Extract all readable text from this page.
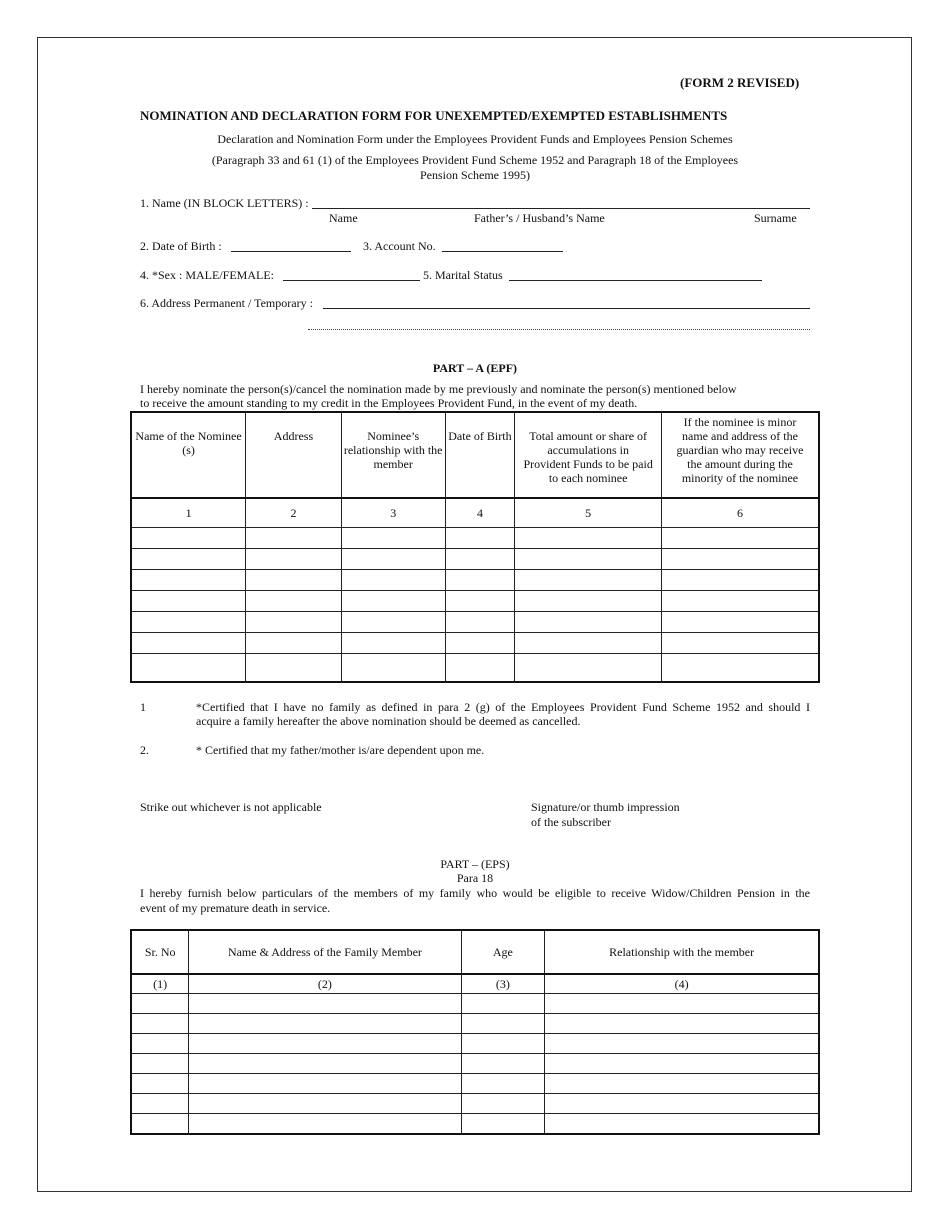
(FORM 2 REVISED)
NOMINATION AND DECLARATION FORM FOR UNEXEMPTED/EXEMPTED ESTABLISHMENTS
Declaration and Nomination Form under the Employees Provident Funds and Employees Pension Schemes
(Paragraph 33 and 61 (1) of the Employees Provident Fund Scheme 1952 and Paragraph 18 of the Employees
Pension Scheme 1995)
1. Name (IN BLOCK LETTERS) :
Name	Father’s / Husband’s Name	Surname
2. Date of Birth :	3. Account No.
4. *Sex : MALE/FEMALE:	5. Marital Status
6. Address Permanent / Temporary :
PART – A (EPF)
I hereby nominate the person(s)/cancel the nomination made by me previously and nominate the person(s) mentioned below
to receive the amount standing to my credit in the Employees Provident Fund, in the event of my death.
Name of the Nominee (s)	Address	Nominee’s relationship with the member	Date of Birth	Total amount or share of accumulations in Provident Funds to be paid to each nominee	If the nominee is minor name and address of the guardian who may receive the amount during the minority of the nominee
1	2	3	4	5	6

1	*Certified that I have no family as defined in para 2 (g) of the Employees Provident Fund Scheme 1952 and should I
acquire a family hereafter the above nomination should be deemed as cancelled.
2.	* Certified that my father/mother is/are dependent upon me.
Strike out whichever is not applicable	Signature/or thumb impression
of the subscriber
PART – (EPS)
Para 18
I hereby furnish below particulars of the members of my family who would be eligible to receive Widow/Children Pension in the
event of my premature death in service.
Sr. No	Name & Address of the Family Member	Age	Relationship with the member
(1)	(2)	(3)	(4)
